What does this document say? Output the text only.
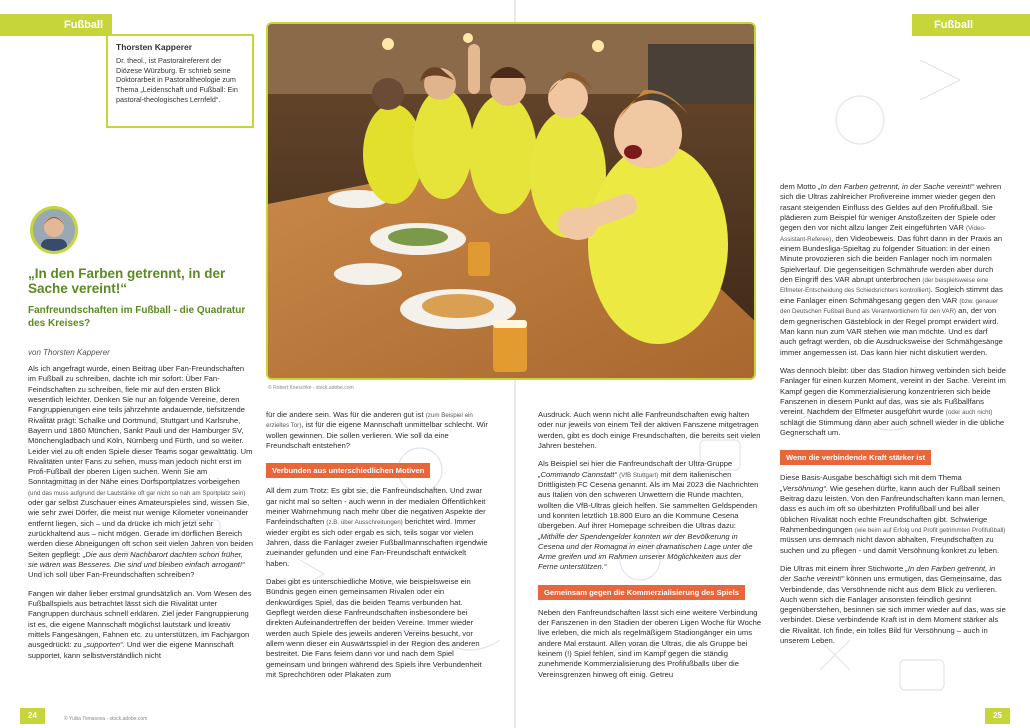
Fußball	Fußball
Thorsten Kapperer
Dr. theol., ist Pastoralreferent der Diözese Würzburg. Er schrieb seine Doktorarbeit in Pastoraltheologie zum Thema „Leidenschaft und Fußball: Ein pastoral-theologisches Lernfeld“.
© Robert Kneschke - stock.adobe.com
„In den Farben getrennt, in der Sache vereint!“
Fanfreundschaften im Fußball - die Quadratur des Kreises?
von Thorsten Kapperer

Als ich angefragt wurde, einen Beitrag über Fan-Freundschaften im Fußball zu schreiben, dachte ich mir sofort: Über Fan-Feindschaften zu schreiben, fiele mir auf den ersten Blick wesentlich leichter. Denken Sie nur an folgende Vereine, deren Fangruppierungen eine teils jahrzehnte andauernde, tiefsitzende Rivalität prägt: Schalke und Dortmund, Stuttgart und Karlsruhe, Bayern und 1860 München, Sankt Pauli und der Hamburger SV, Mönchengladbach und Köln, Nürnberg und Fürth, und so weiter. Leider viel zu oft enden Spiele dieser Teams sogar gewalttätig. Um Rivalitäten unter Fans zu sehen, muss man jedoch nicht erst im Profi-Fußball der oberen Ligen suchen. Wenn Sie am Sonntagmittag in der Nähe eines Dorfsportplatzes vorbeigehen (und das muss aufgrund der Lautstärke oft gar nicht so nah am Sportplatz sein) oder gar selbst Zuschauer eines Amateurspieles sind, wissen Sie, wie sehr zwei Dörfer, die meist nur wenige Kilometer voneinander entfernt liegen, sich – und da drücke ich mich jetzt sehr zurückhaltend aus – nicht mögen. Gerade im dörflichen Bereich werden diese Abneigungen oft schon seit vielen Jahren von beiden Seiten gepflegt: „Die aus dem Nachbarort dachten schon früher, sie wären was Besseres. Die sind und bleiben einfach arrogant!“ Und ich soll über Fan-Freundschaften schreiben?

Fangen wir daher lieber erstmal grundsätzlich an. Vom Wesen des Fußballspiels aus betrachtet lässt sich die Rivalität unter Fangruppen durchaus schnell erklären. Ziel jeder Fangruppierung ist es, die eigene Mannschaft möglichst lautstark und kreativ mittels Fangesängen, Fahnen etc. zu unterstützen, im Fachjargon ausgedrückt: zu „supporten“. Und wer die eigene Mannschaft supportet, kann selbstverständlich nicht

für die andere sein. Was für die anderen gut ist (zum Beispiel ein erzieltes Tor), ist für die eigene Mannschaft unmittelbar schlecht. Wir wollen gewinnen. Die sollen verlieren. Wie soll da eine Freundschaft entstehen?

Verbunden aus unterschiedlichen Motiven

All dem zum Trotz: Es gibt sie, die Fanfreundschaften. Und zwar gar nicht mal so selten - auch wenn in der medialen Öffentlichkeit meiner Wahrnehmung nach mehr über die negativen Aspekte der Fanfeindschaften (z.B. über Ausschreitungen) berichtet wird. Immer wieder ergibt es sich oder ergab es sich, teils sogar vor vielen Jahren, dass die Fanlager zweier Fußballmannschaften irgendwie zueinander gefunden und eine Fan-Freundschaft entwickelt haben.

Dabei gibt es unterschiedliche Motive, wie beispielsweise ein Bündnis gegen einen gemeinsamen Rivalen oder ein denkwürdiges Spiel, das die beiden Teams verbunden hat. Gepflegt werden diese Fanfreundschaften insbesondere bei direkten Aufeinandertreffen der beiden Vereine. Immer wieder werden auch Spiele des jeweils anderen Vereins besucht, vor allem wenn dieser ein Auswärtsspiel in der Region des anderen bestreitet. Die Fans feiern dann vor und nach dem Spiel gemeinsam und bringen während des Spiels ihre Verbundenheit mit Sprechchören oder Plakaten zum

Ausdruck. Auch wenn nicht alle Fanfreundschaften ewig halten oder nur jeweils von einem Teil der aktiven Fanszene mitgetragen werden, gibt es doch einige Freundschaften, die bereits seit vielen Jahren bestehen.

Als Beispiel sei hier die Fanfreundschaft der Ultra-Gruppe „Commando Cannstatt“ (VfB Stuttgart) mit dem italienischen Drittligisten FC Cesena genannt. Als im Mai 2023 die Nachrichten aus Italien von den schweren Unwettern die Runde machten, wollten die VfB-Ultras gleich helfen. Sie sammelten Geldspenden und konnten letztlich 18.800 Euro an die Kommune Cesena übergeben. Auf ihrer Homepage schreiben die Ultras dazu: „Mithilfe der Spendengelder konnten wir der Bevölkerung in Cesena und der Romagna in einer dramatischen Lage unter die Arme greifen und im Rahmen unserer Möglichkeiten aus der Ferne unterstützen.“

Gemeinsam gegen die Kommerzialisierung des Spiels

Neben den Fanfreundschaften lässt sich eine weitere Verbindung der Fanszenen in den Stadien der oberen Ligen Woche für Woche live erleben, die mich als regelmäßigem Stadiongänger ein ums andere Mal erstaunt. Allen voran die Ultras, die als Gruppe bei keinem (!) Spiel fehlen, sind im Kampf gegen die ständig zunehmende Kommerzialisierung des Profifußballs über die Vereinsgrenzen hinweg oft einig. Getreu

dem Motto „In den Farben getrennt, in der Sache vereint!“ wehren sich die Ultras zahlreicher Profivereine immer wieder gegen den rasant steigenden Einfluss des Geldes auf den Profifußball. Sie plädieren zum Beispiel für weniger Anstoßzeiten der Spiele oder gegen den vor nicht allzu langer Zeit eingeführten VAR (Video-Assistant-Referee), den Videobeweis. Das führt dann in der Praxis an einem Bundesliga-Spieltag zu folgender Situation: in der einen Minute provozieren sich die beiden Fanlager noch im normalen Spielverlauf. Die gegenseitigen Schmährufe werden aber durch den Eingriff des VAR abrupt unterbrochen (der beispielsweise eine Elfmeter-Entscheidung des Schiedsrichters kontrolliert). Sogleich stimmt das eine Fanlager einen Schmähgesang gegen den VAR (bzw. genauer den Deutschen Fußball Bund als Verantwortlichem für den VAR) an, der von dem gegnerischen Gästeblock in der Regel prompt erwidert wird. Man kann nun zum VAR stehen wie man möchte. Und es darf auch gefragt werden, ob die Ausdrucksweise der Schmähgesänge immer angemessen ist. Das kann hier nicht diskutiert werden.

Was dennoch bleibt: über das Stadion hinweg verbinden sich beide Fanlager für einen kurzen Moment, vereint in der Sache. Vereint im Kampf gegen die Kommerzialisierung konzentrieren sich beide Fanszenen in diesem Punkt auf das, was sie als Fußballfans vereint. Nachdem der Elfmeter ausgeführt wurde (oder auch nicht) schlägt die Stimmung dann aber auch schnell wieder in die übliche Gegnerschaft um.

Wenn die verbindende Kraft stärker ist

Diese Basis-Ausgabe beschäftigt sich mit dem Thema „Versöhnung“. Wie gesehen dürfte, kann auch der Fußball seinen Beitrag dazu leisten. Von den Fanfreundschaften kann man lernen, dass es auch im oft so überhitzten Profifußball und bei aller üblichen Rivalität noch echte Freundschaften gibt. Schwierige Rahmenbedingungen (wie beim auf Erfolg und Profit getrimmten Profifußball) müssen uns demnach nicht davon abhalten, Freundschaften zu suchen und zu pflegen - und damit Versöhnung konkret zu leben.

Die Ultras mit einem ihrer Stichworte „In den Farben getrennt, in der Sache vereint!“ können uns ermutigen, das Gemeinsame, das Verbindende, das Versöhnende nicht aus dem Blick zu verlieren. Auch wenn sich die Fanlager ansonsten feindlich gesinnt gegenüberstehen, besinnen sie sich immer wieder auf das, was sie verbindet. Diese verbindende Kraft ist in dem Moment stärker als die Rivalität. Ich finde, ein tolles Bild für Versöhnung – auch in unserem Leben.

24	© Yuliia Tomasova - stock.adobe.com	25
